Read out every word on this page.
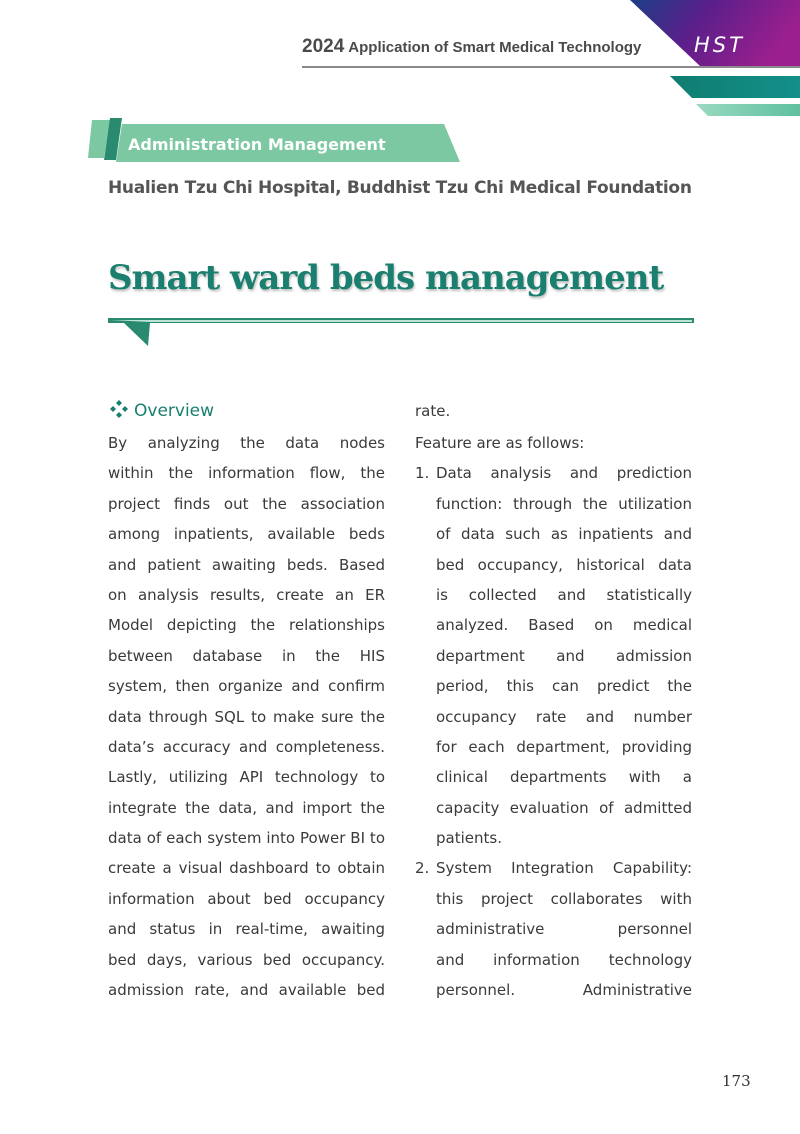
2024 Application of Smart Medical Technology	HST
Administration Management
Hualien Tzu Chi Hospital, Buddhist Tzu Chi Medical Foundation
Smart ward beds management
Overview
By analyzing the data nodes
within the information flow, the
project finds out the association
among inpatients, available beds
and patient awaiting beds. Based
on analysis results, create an ER
Model depicting the relationships
between database in the HIS
system, then organize and confirm
data through SQL to make sure the
data’s accuracy and completeness.
Lastly, utilizing API technology to
integrate the data, and import the
data of each system into Power BI to
create a visual dashboard to obtain
information about bed occupancy
and status in real-time, awaiting
bed days, various bed occupancy.
admission rate, and available bed
rate.
Feature are as follows:
1. Data analysis and prediction
function: through the utilization
of data such as inpatients and
bed occupancy, historical data
is collected and statistically
analyzed. Based on medical
department and admission
period, this can predict the
occupancy rate and number
for each department, providing
clinical departments with a
capacity evaluation of admitted
patients.
2. System Integration Capability:
this project collaborates with
administrative personnel
and information technology
personnel. Administrative
173
